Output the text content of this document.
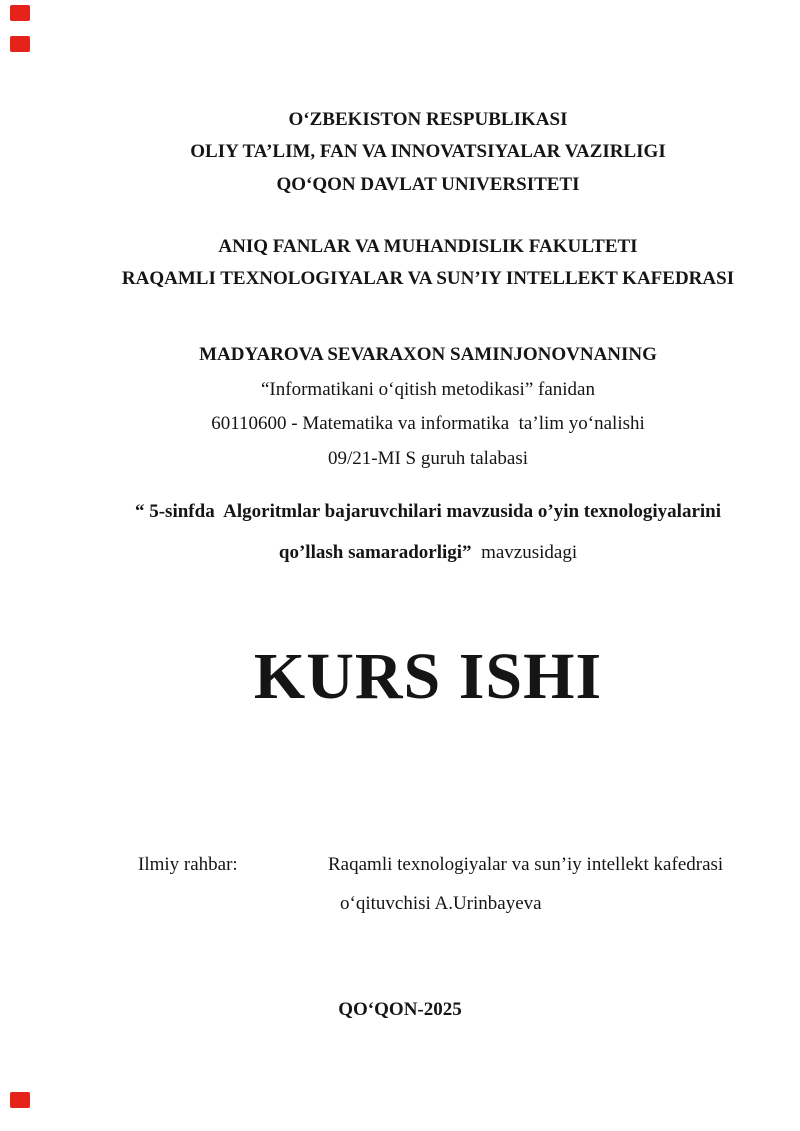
O‘ZBEKISTON RESPUBLIKASI
OLIY TA’LIM, FAN VA INNOVATSIYALAR VAZIRLIGI
QO‘QON DAVLAT UNIVERSITETI
ANIQ FANLAR VA MUHANDISLIK FAKULTETI
RAQAMLI TEXNOLOGIYALAR VA SUN’IY INTELLEKT KAFEDRASI
MADYAROVA SEVARAXON SAMINJONOVNANING
“Informatikani o‘qitish metodikasi” fanidan
60110600 - Matematika va informatika  ta’lim yo‘nalishi
09/21-MI S guruh talabasi
“ 5-sinfda  Algoritmlar bajaruvchilari mavzusida o’yin texnologiyalarini
qo’llash samaradorligi”  mavzusidagi
KURS ISHI
Ilmiy rahbar:	Raqamli texnologiyalar va sun’iy intellekt kafedrasi
o‘qituvchisi A.Urinbayeva
QO‘QON-2025
